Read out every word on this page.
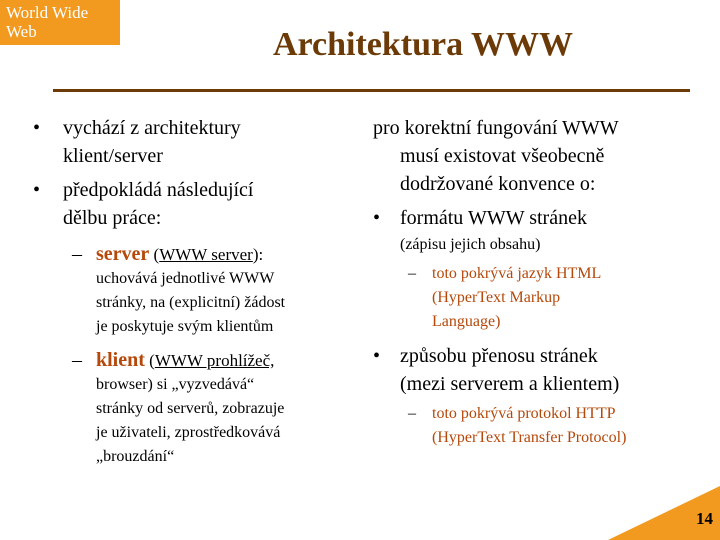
World Wide
Web	Architektura WWW
• vychází z architektury
klient/server
• předpokládá následující
dělbu práce:
– server (WWW server):
uchovává jednotlivé WWW
stránky, na (explicitní) žádost
je poskytuje svým klientům
– klient (WWW prohlížeč,
browser) si „vyzvedává“
stránky od serverů, zobrazuje
je uživateli, zprostředkovává
„brouzdání“
pro korektní fungování WWW
musí existovat všeobecně
dodržované konvence o:
• formátu WWW stránek
(zápisu jejich obsahu)
– toto pokrývá jazyk HTML
(HyperText Markup
Language)
• způsobu přenosu stránek
(mezi serverem a klientem)
– toto pokrývá protokol HTTP
(HyperText Transfer Protocol)
14
